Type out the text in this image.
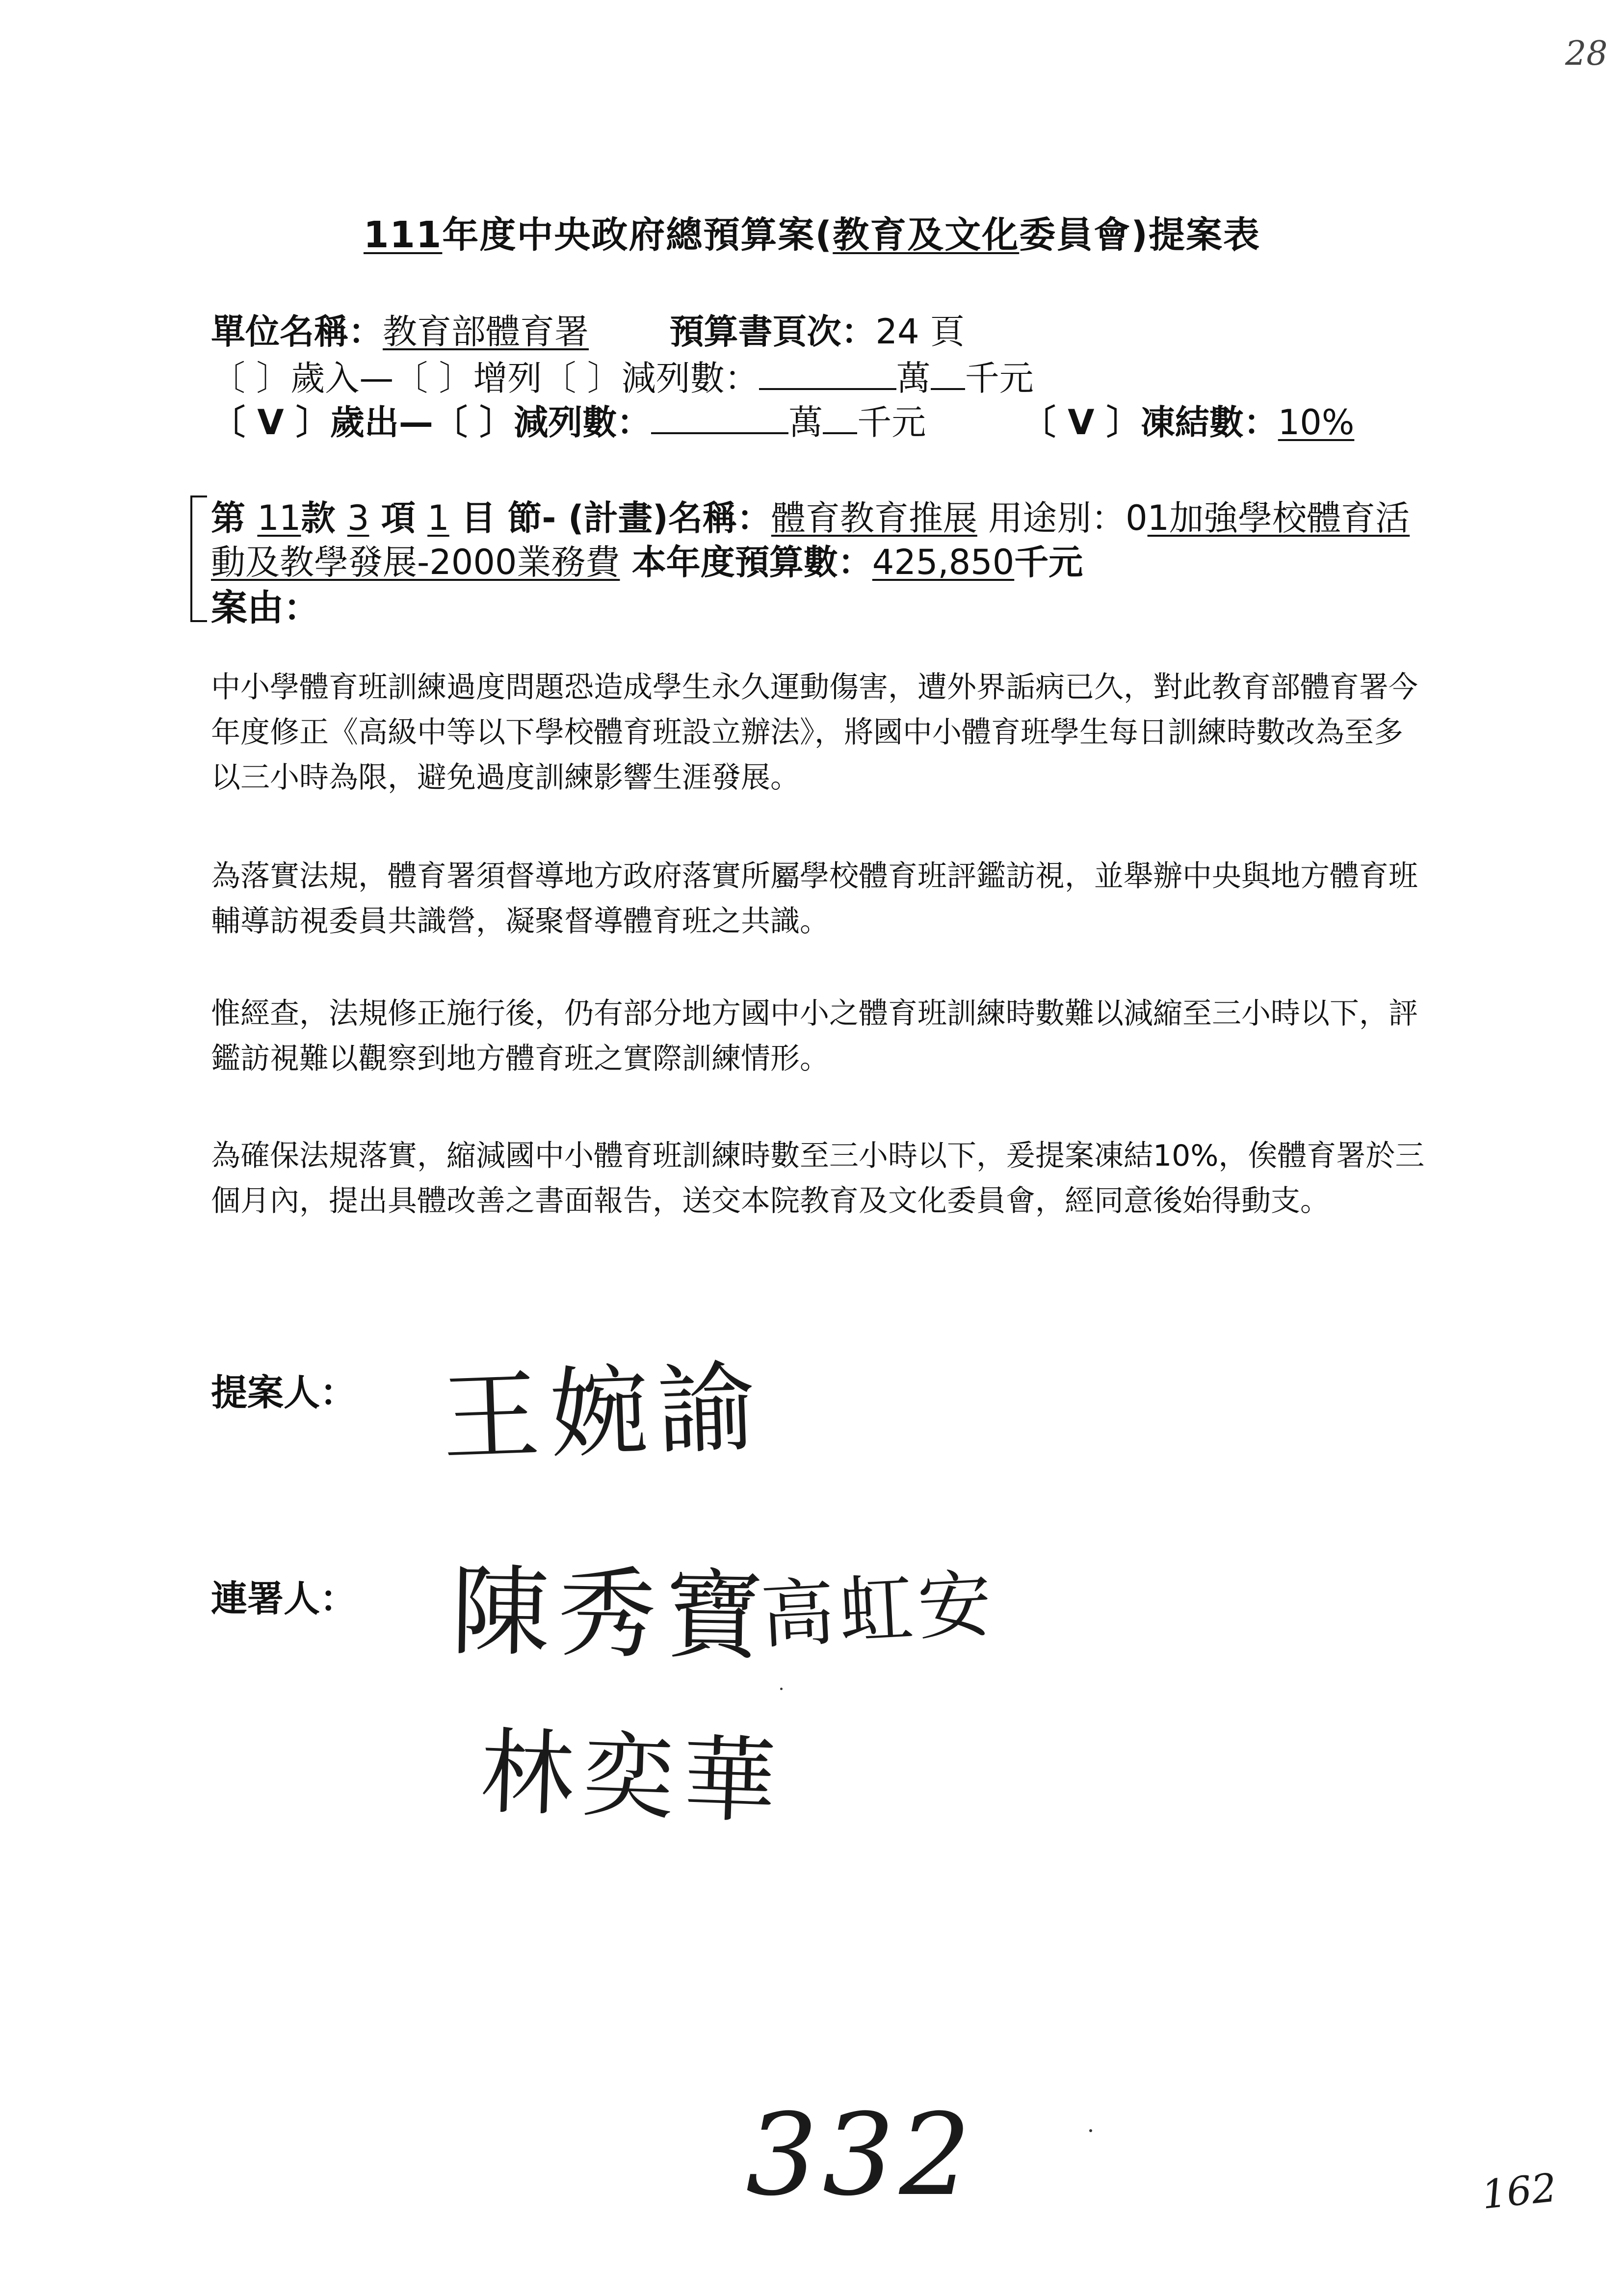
28
111年度中央政府總預算案(教育及文化委員會)提案表
單位名稱：教育部體育署 預算書頁次：24 頁
〔 〕歲入—〔 〕增列〔 〕減列數：	萬 千元
〔 V 〕歲出—〔 〕減列數：	萬 千元	〔 V 〕凍結數：10%
第 11款 3 項 1 目 節- (計畫)名稱：體育教育推展 用途別：01加強學校體育活
動及教學發展-2000業務費 本年度預算數：425,850千元
案由：

中小學體育班訓練過度問題恐造成學生永久運動傷害，遭外界詬病已久，對此教育部體育署今年度修正《高級中等以下學校體育班設立辦法》，將國中小體育班學生每日訓練時數改為至多以三小時為限，避免過度訓練影響生涯發展。

為落實法規，體育署須督導地方政府落實所屬學校體育班評鑑訪視，並舉辦中央與地方體育班輔導訪視委員共識營，凝聚督導體育班之共識。

惟經查，法規修正施行後，仍有部分地方國中小之體育班訓練時數難以減縮至三小時以下，評鑑訪視難以觀察到地方體育班之實際訓練情形。

為確保法規落實，縮減國中小體育班訓練時數至三小時以下，爰提案凍結10%，俟體育署於三個月內，提出具體改善之書面報告，送交本院教育及文化委員會，經同意後始得動支。

提案人： 王婉諭
連署人： 陳秀寶
高虹安
林奕華
332	162
